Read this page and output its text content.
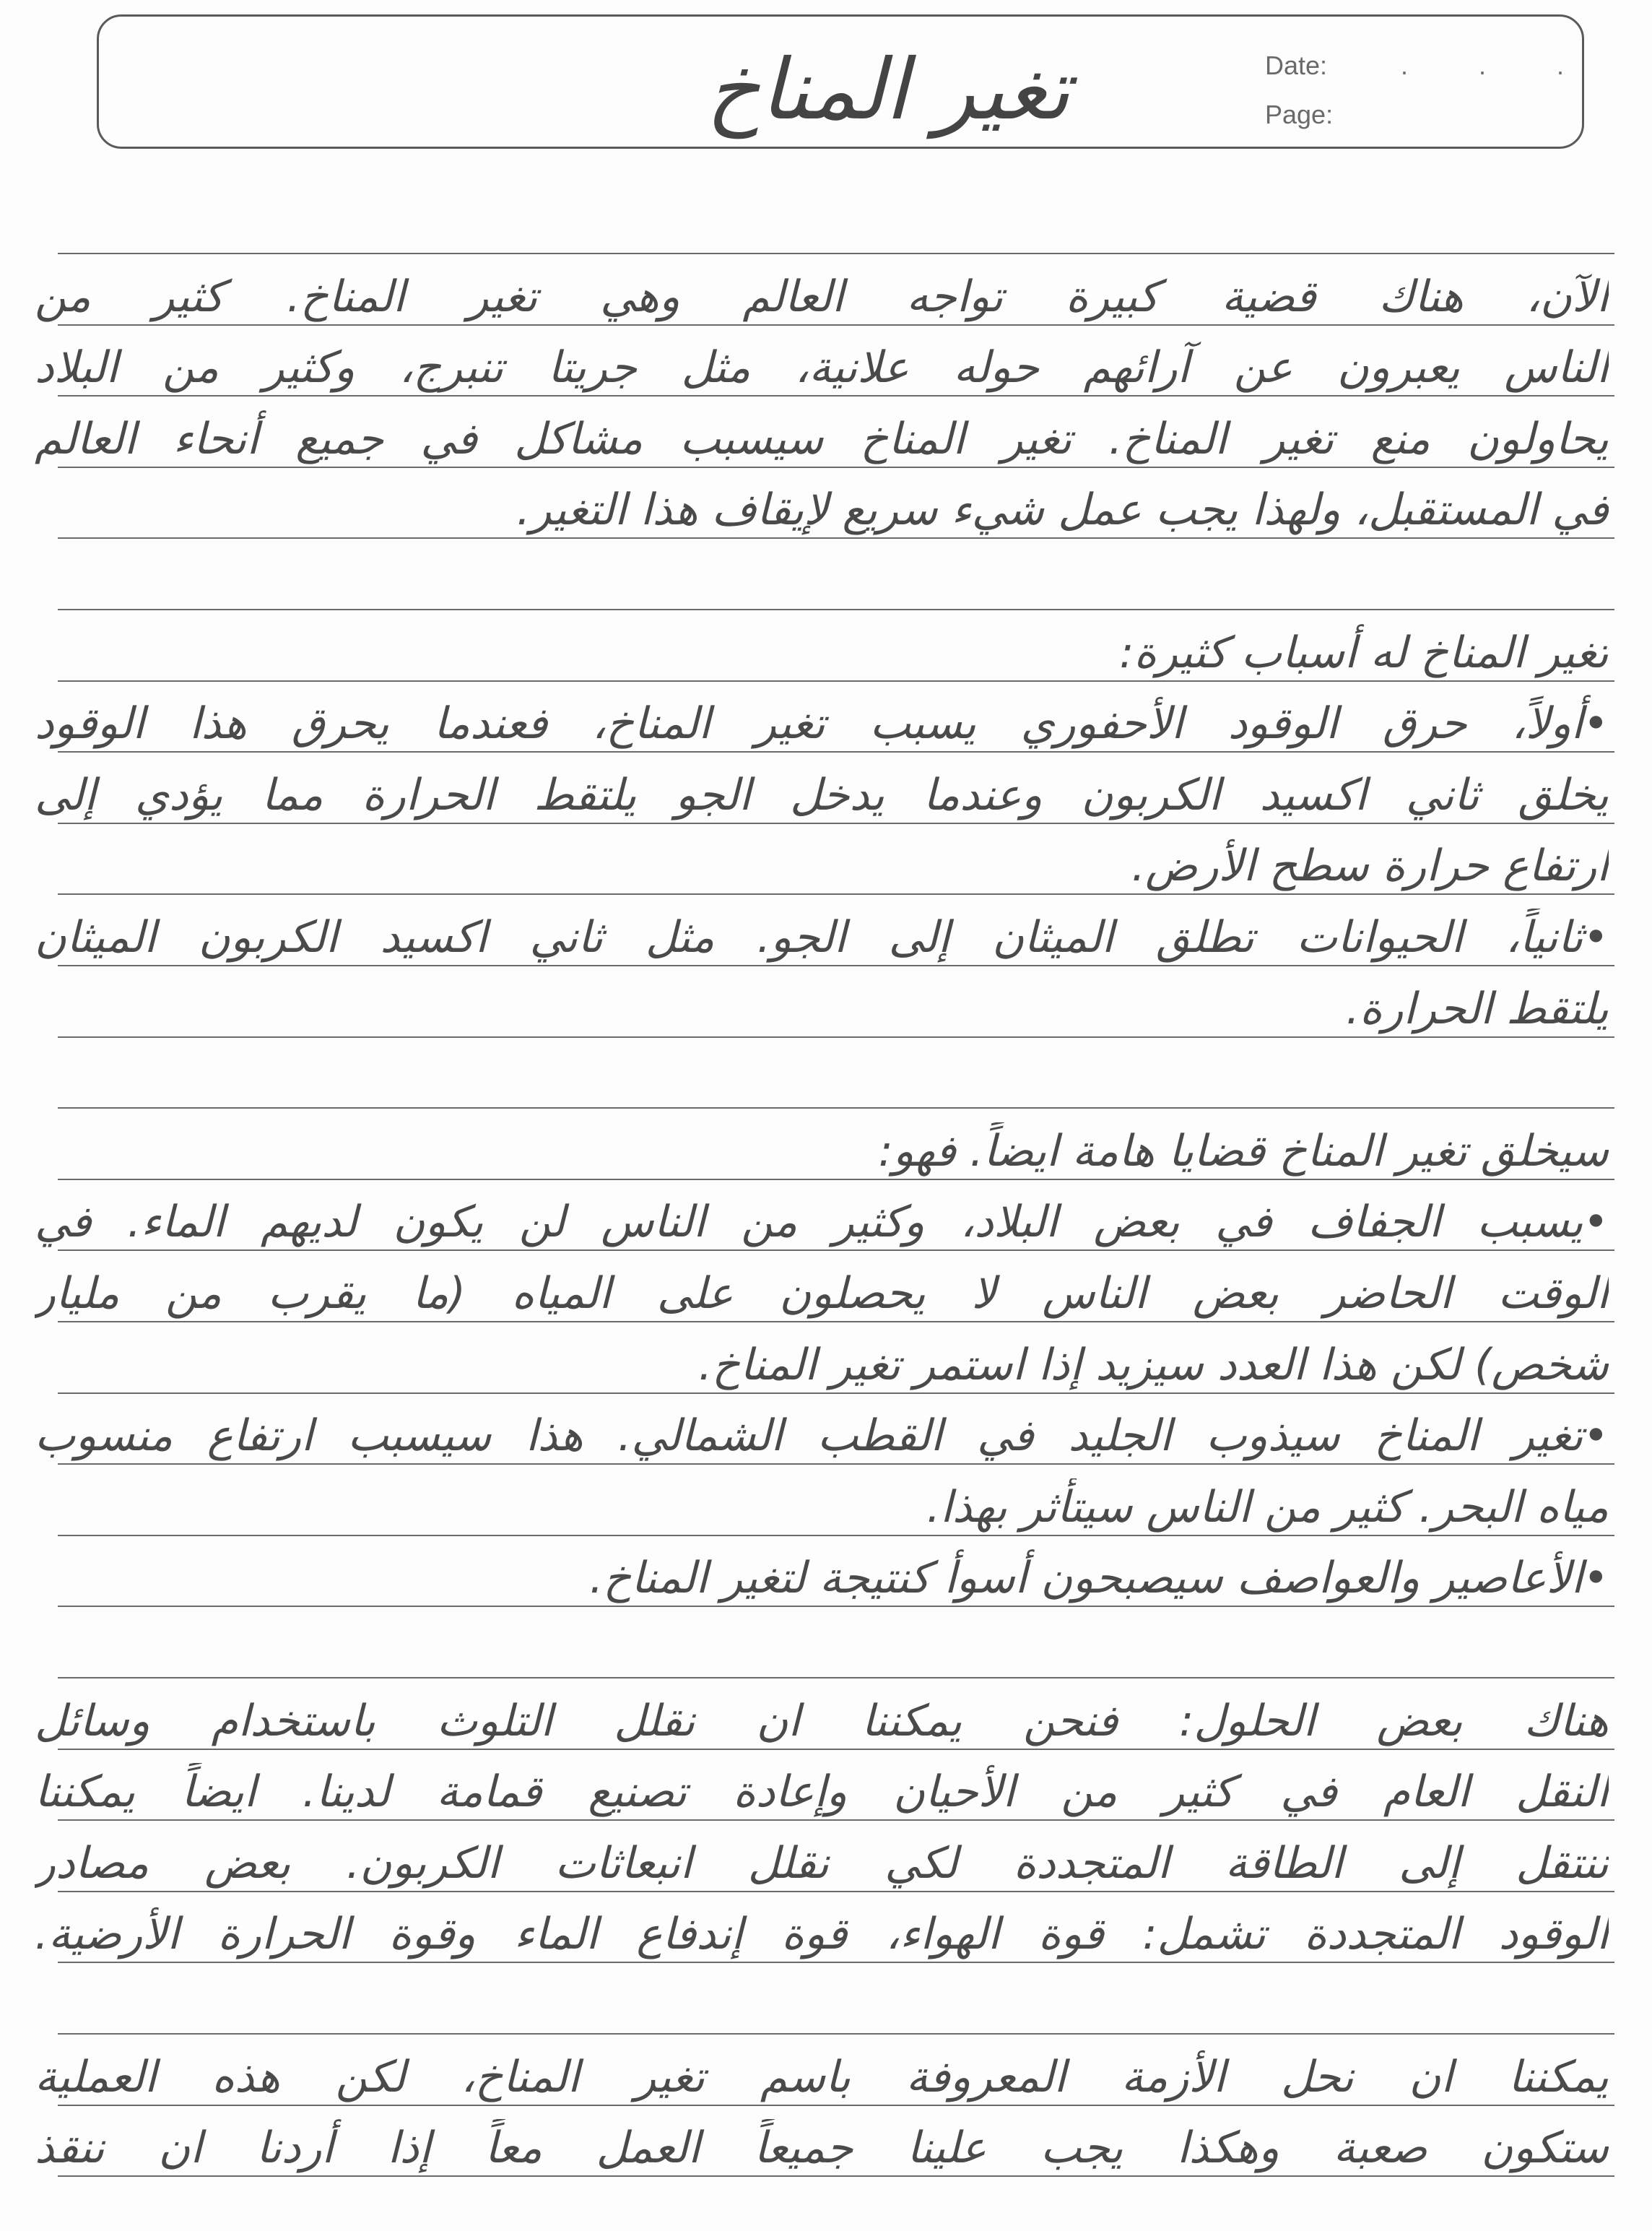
تغير المناخ	Date:	. . .
Page:
الآن، هناك قضية كبيرة تواجه العالم وهي تغير المناخ. كثير من
الناس يعبرون عن آرائهم حوله علانية، مثل جريتا تنبرج، وكثير من البلاد
يحاولون منع تغير المناخ. تغير المناخ سيسبب مشاكل في جميع أنحاء العالم
في المستقبل، ولهذا يجب عمل شيء سريع لإيقاف هذا التغير.
تغير المناخ له أسباب كثيرة:
•أولاً، حرق الوقود الأحفوري يسبب تغير المناخ، فعندما يحرق هذا الوقود
يخلق ثاني اكسيد الكربون وعندما يدخل الجو يلتقط الحرارة مما يؤدي إلى
ارتفاع حرارة سطح الأرض.
•ثانياً، الحيوانات تطلق الميثان إلى الجو. مثل ثاني اكسيد الكربون الميثان
يلتقط الحرارة.
سيخلق تغير المناخ قضايا هامة ايضاً. فهو:
•يسبب الجفاف في بعض البلاد، وكثير من الناس لن يكون لديهم الماء. في
الوقت الحاضر بعض الناس لا يحصلون على المياه (ما يقرب من مليار
شخص) لكن هذا العدد سيزيد إذا استمر تغير المناخ.
•تغير المناخ سيذوب الجليد في القطب الشمالي. هذا سيسبب ارتفاع منسوب
مياه البحر. كثير من الناس سيتأثر بهذا.
•الأعاصير والعواصف سيصبحون أسوأ كنتيجة لتغير المناخ.
هناك بعض الحلول: فنحن يمكننا ان نقلل التلوث باستخدام وسائل
النقل العام في كثير من الأحيان وإعادة تصنيع قمامة لدينا. ايضاً يمكننا
ننتقل إلى الطاقة المتجددة لكي نقلل انبعاثات الكربون. بعض مصادر
الوقود المتجددة تشمل: قوة الهواء، قوة إندفاع الماء وقوة الحرارة الأرضية.
يمكننا ان نحل الأزمة المعروفة باسم تغير المناخ، لكن هذه العملية
ستكون صعبة وهكذا يجب علينا جميعاً العمل معاً إذا أردنا ان ننقذ
